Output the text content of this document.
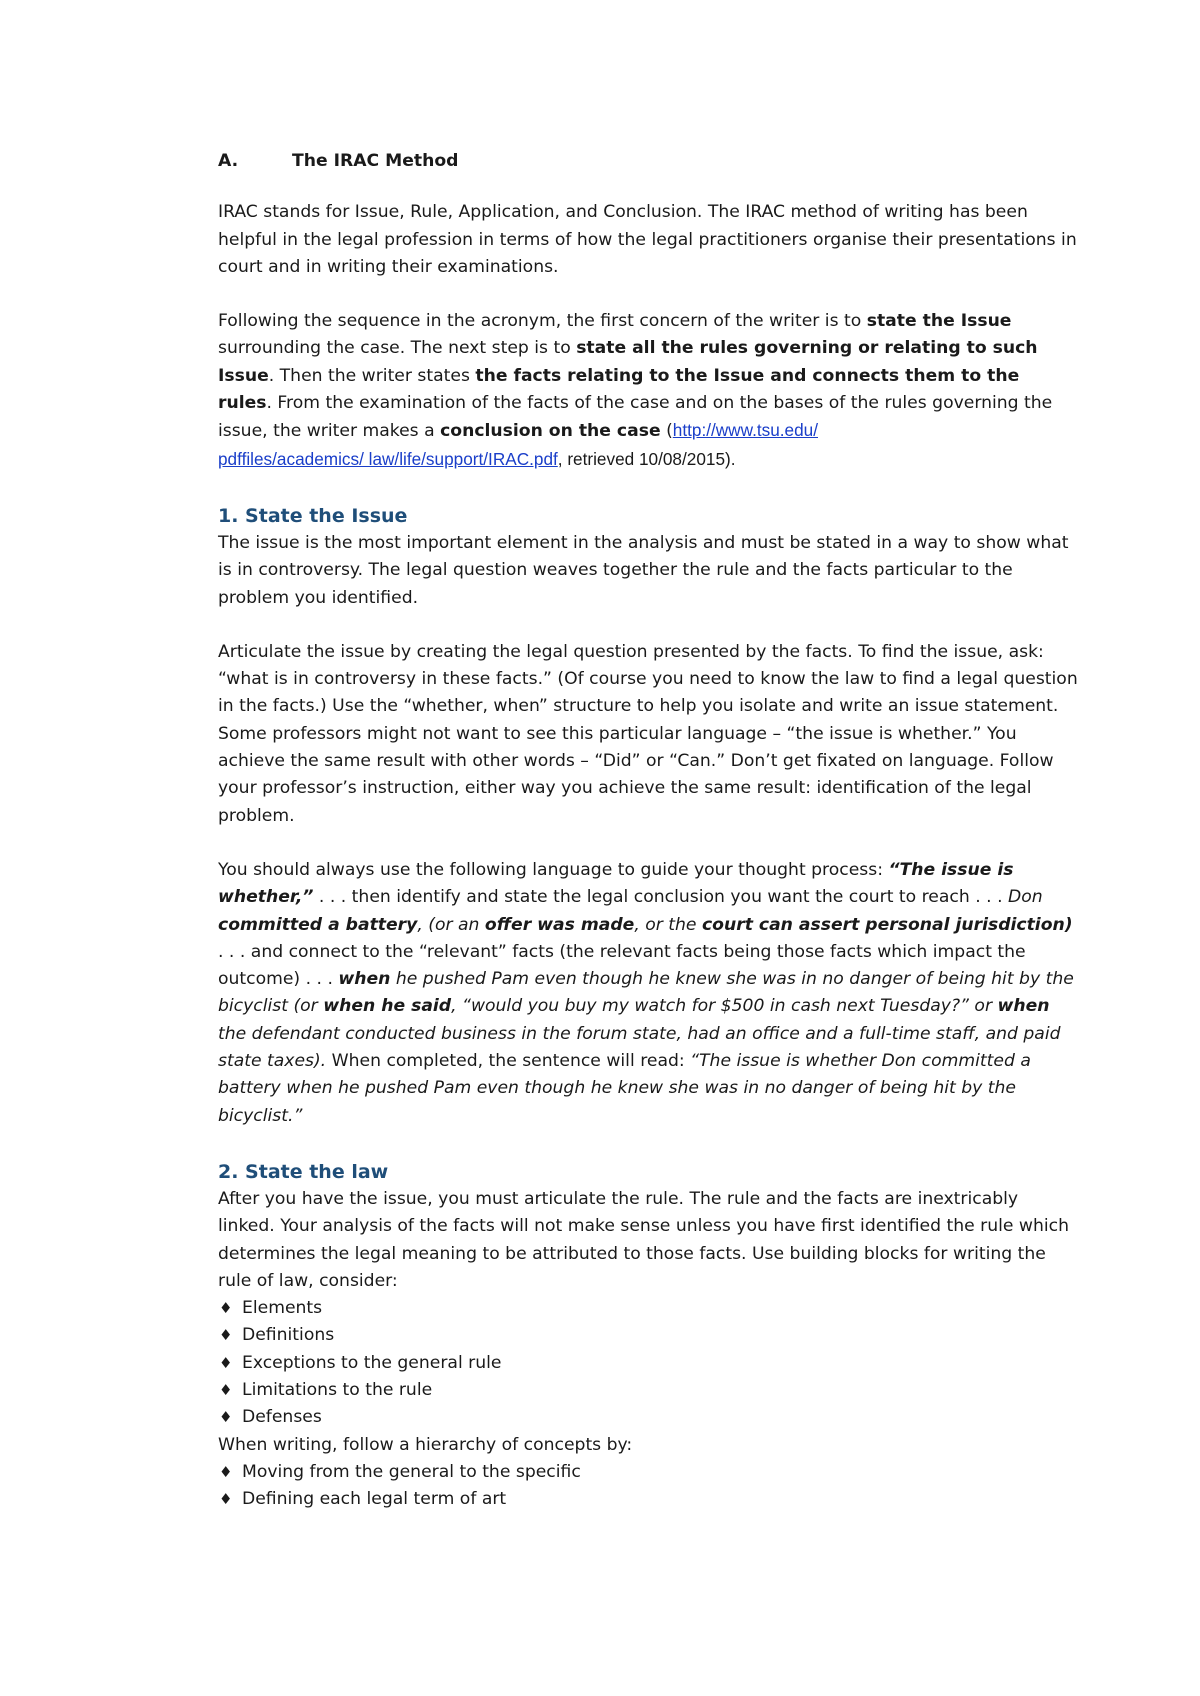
A.	The IRAC Method

IRAC stands for Issue, Rule, Application, and Conclusion. The IRAC method of writing has been helpful in the legal profession in terms of how the legal practitioners organise their presentations in court and in writing their examinations.

Following the sequence in the acronym, the first concern of the writer is to state the Issue surrounding the case. The next step is to state all the rules governing or relating to such Issue. Then the writer states the facts relating to the Issue and connects them to the rules. From the examination of the facts of the case and on the bases of the rules governing the issue, the writer makes a conclusion on the case (http://www.tsu.edu/
pdffiles/academics/ law/life/support/IRAC.pdf, retrieved 10/08/2015).

1. State the Issue

The issue is the most important element in the analysis and must be stated in a way to show what is in controversy. The legal question weaves together the rule and the facts particular to the problem you identified.

Articulate the issue by creating the legal question presented by the facts. To find the issue, ask: “what is in controversy in these facts.” (Of course you need to know the law to find a legal question in the facts.) Use the “whether, when” structure to help you isolate and write an issue statement. Some professors might not want to see this particular language – “the issue is whether.” You achieve the same result with other words – “Did” or “Can.” Don’t get fixated on language. Follow your professor’s instruction, either way you achieve the same result: identification of the legal problem.

You should always use the following language to guide your thought process: “The issue is whether,” . . . then identify and state the legal conclusion you want the court to reach . . . Don committed a battery, (or an offer was made, or the court can assert personal jurisdiction) . . . and connect to the “relevant” facts (the relevant facts being those facts which impact the outcome) . . . when he pushed Pam even though he knew she was in no danger of being hit by the bicyclist (or when he said, “would you buy my watch for $500 in cash next Tuesday?” or when the defendant conducted business in the forum state, had an office and a full-time staff, and paid state taxes). When completed, the sentence will read: “The issue is whether Don committed a battery when he pushed Pam even though he knew she was in no danger of being hit by the bicyclist.”

2. State the law

After you have the issue, you must articulate the rule. The rule and the facts are inextricably linked. Your analysis of the facts will not make sense unless you have first identified the rule which determines the legal meaning to be attributed to those facts. Use building blocks for writing the rule of law, consider:

♦ Elements
♦ Definitions
♦ Exceptions to the general rule
♦ Limitations to the rule
♦ Defenses

When writing, follow a hierarchy of concepts by:

♦ Moving from the general to the specific
♦ Defining each legal term of art
